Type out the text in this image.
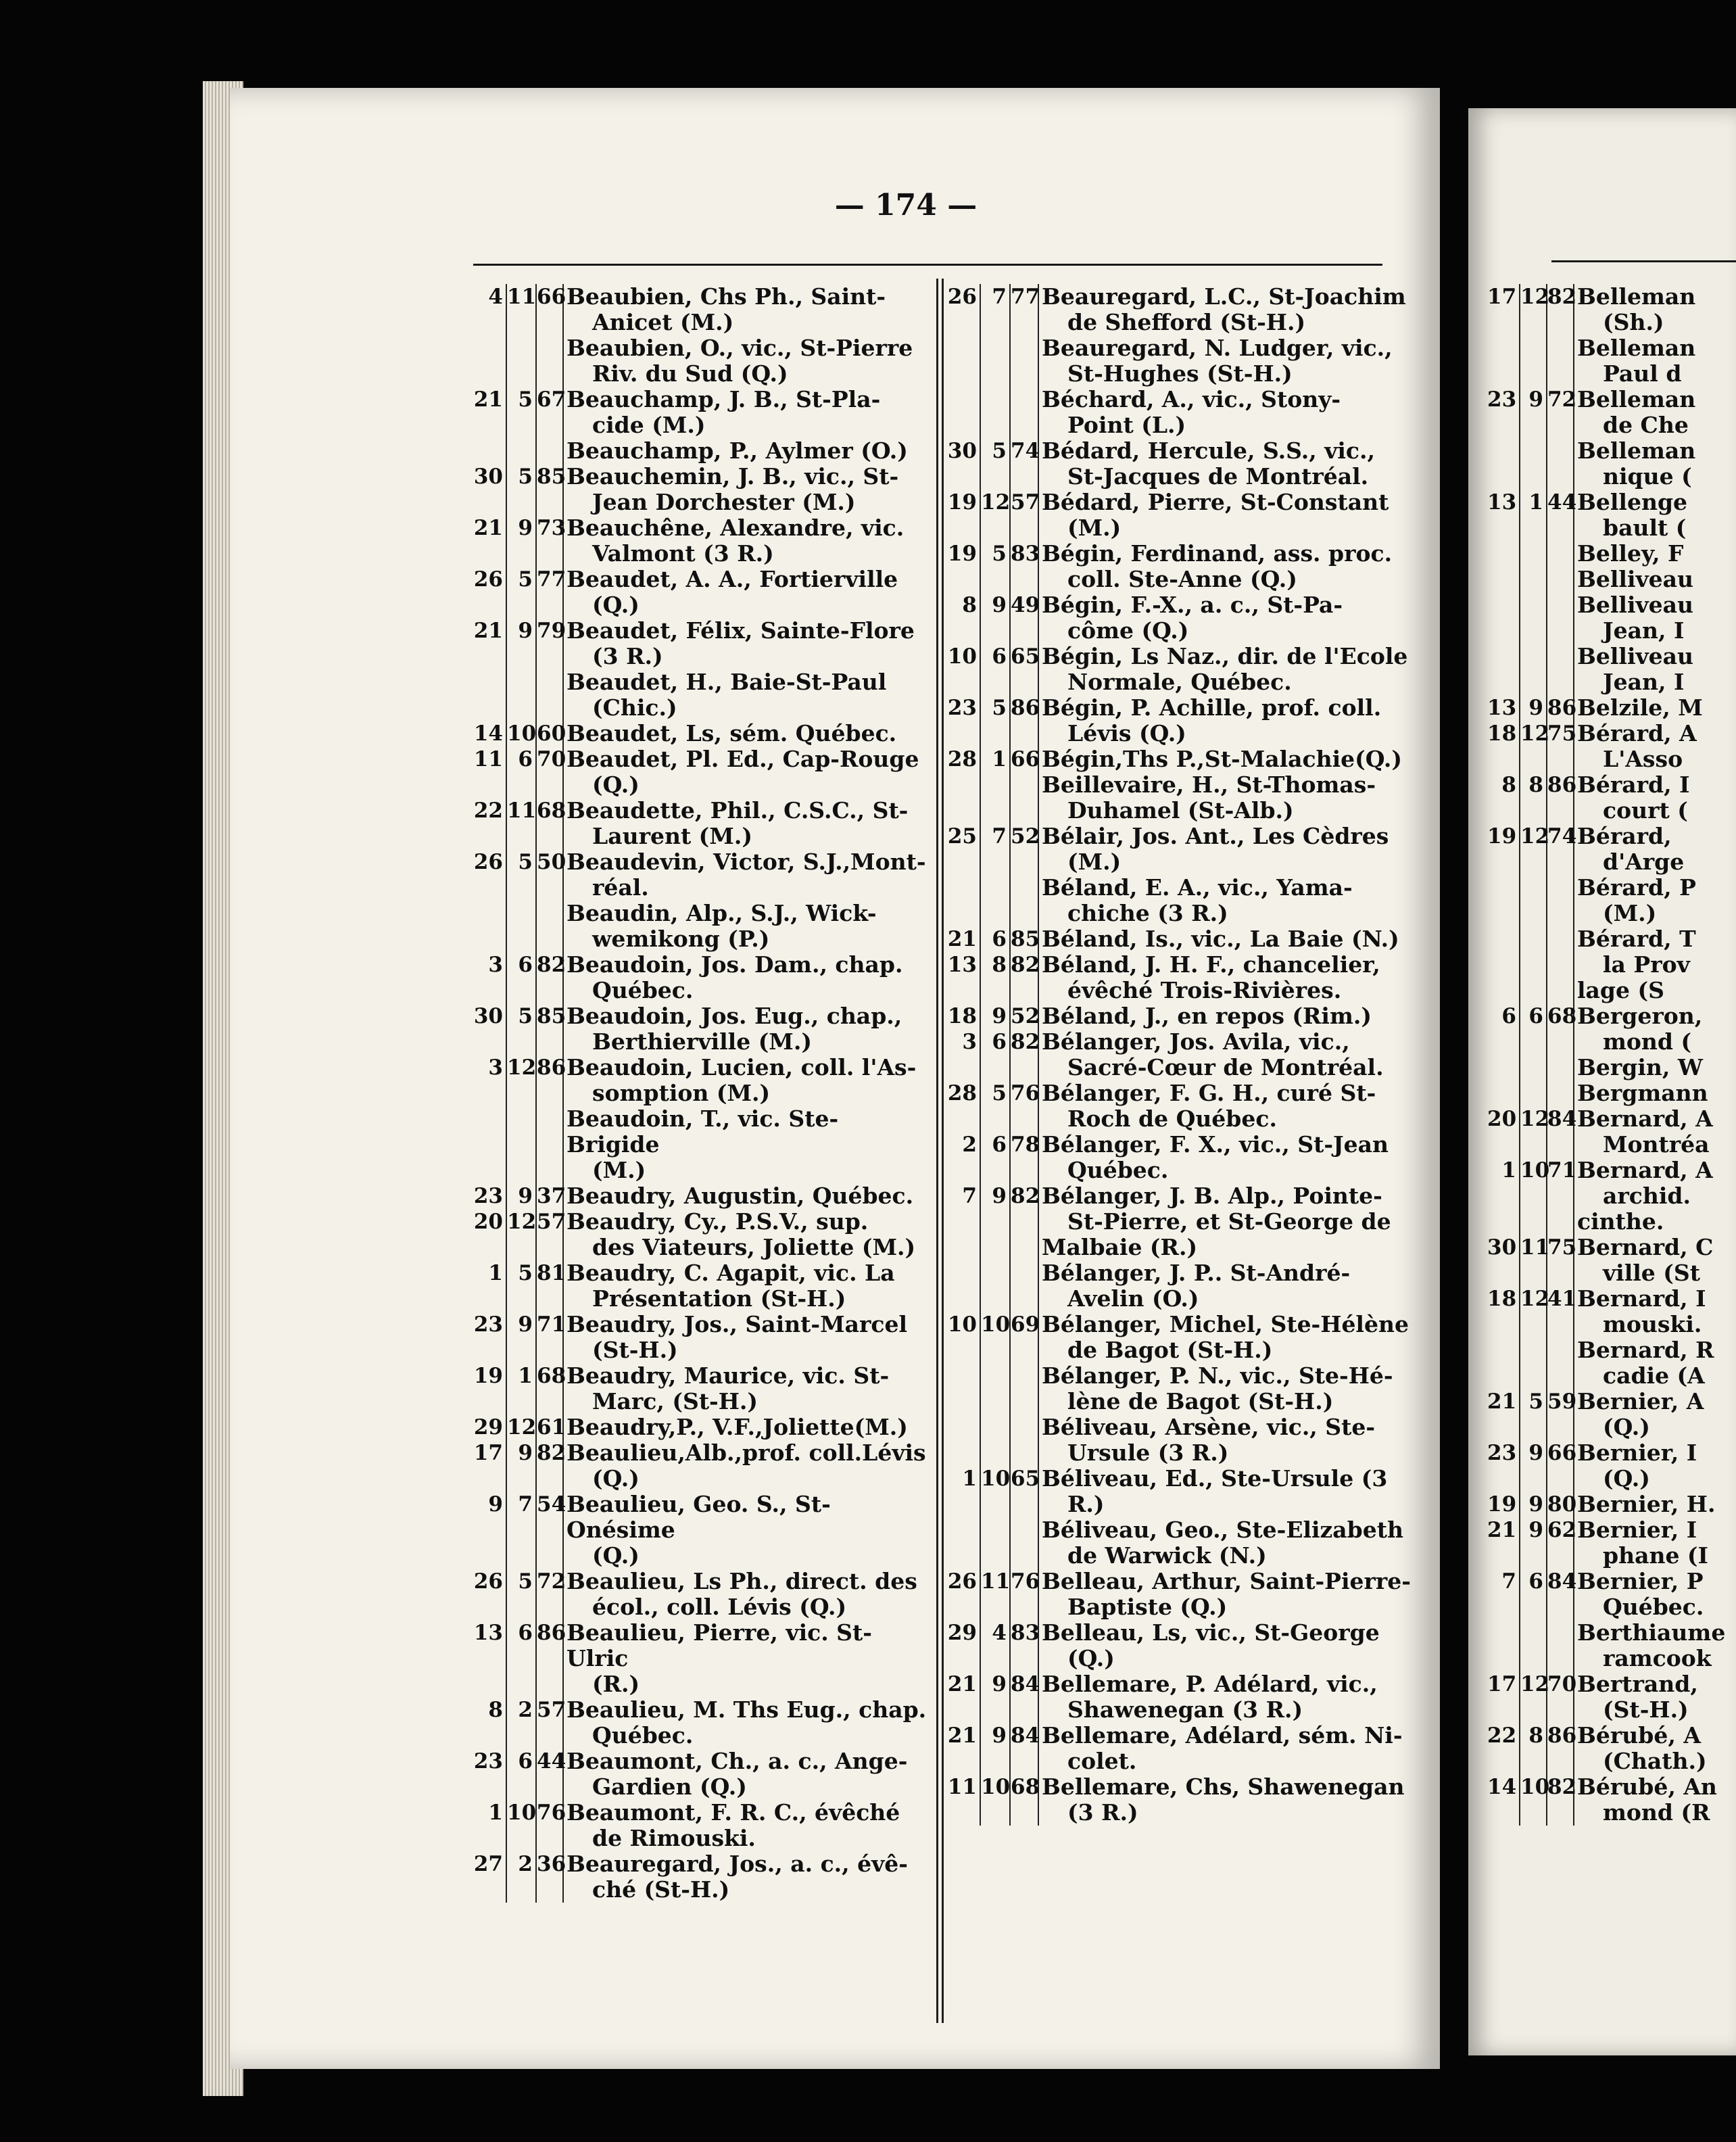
— 174 —
4	11	66	Beaubien, Chs Ph., Saint-
Anicet (M.)

			Beaubien, O., vic., St-Pierre
Riv. du Sud (Q.)

21	5	67	Beauchamp, J. B., St-Pla-
cide (M.)

			Beauchamp, P., Aylmer (O.)
30	5	85	Beauchemin, J. B., vic., St-
Jean Dorchester (M.)

21	9	73	Beauchêne, Alexandre, vic.
Valmont (3 R.)

26	5	77	Beaudet, A. A., Fortierville
(Q.)

21	9	79	Beaudet, Félix, Sainte-Flore
(3 R.)

			Beaudet, H., Baie-St-Paul
(Chic.)

14	10	60	Beaudet, Ls, sém. Québec.
11	6	70	Beaudet, Pl. Ed., Cap-Rouge
(Q.)

22	11	68	Beaudette, Phil., C.S.C., St-
Laurent (M.)

26	5	50	Beaudevin, Victor, S.J.,Mont-
réal.

			Beaudin, Alp., S.J., Wick-
wemikong (P.)

3	6	82	Beaudoin, Jos. Dam., chap.
Québec.

30	5	85	Beaudoin, Jos. Eug., chap.,
Berthierville (M.)

3	12	86	Beaudoin, Lucien, coll. l'As-
somption (M.)

			Beaudoin, T., vic. Ste-Brigide
(M.)

23	9	37	Beaudry, Augustin, Québec.
20	12	57	Beaudry, Cy., P.S.V., sup.
des Viateurs, Joliette (M.)

1	5	81	Beaudry, C. Agapit, vic. La
Présentation (St-H.)

23	9	71	Beaudry, Jos., Saint-Marcel
(St-H.)

19	1	68	Beaudry, Maurice, vic. St-
Marc, (St-H.)

29	12	61	Beaudry,P., V.F.,Joliette(M.)
17	9	82	Beaulieu,Alb.,prof. coll.Lévis
(Q.)

9	7	54	Beaulieu, Geo. S., St-Onésime
(Q.)

26	5	72	Beaulieu, Ls Ph., direct. des
écol., coll. Lévis (Q.)

13	6	86	Beaulieu, Pierre, vic. St-Ulric
(R.)

8	2	57	Beaulieu, M. Ths Eug., chap.
Québec.

23	6	44	Beaumont, Ch., a. c., Ange-
Gardien (Q.)

1	10	76	Beaumont, F. R. C., évêché
de Rimouski.

27	2	36	Beauregard, Jos., a. c., évê-
ché (St-H.)
26	7	77	Beauregard, L.C., St-Joachim
de Shefford (St-H.)

			Beauregard, N. Ludger, vic.,
St-Hughes (St-H.)

			Béchard, A., vic., Stony-
Point (L.)

30	5	74	Bédard, Hercule, S.S., vic.,
St-Jacques de Montréal.

19	12	57	Bédard, Pierre, St-Constant
(M.)

19	5	83	Bégin, Ferdinand, ass. proc.
coll. Ste-Anne (Q.)

8	9	49	Bégin, F.-X., a. c., St-Pa-
côme (Q.)

10	6	65	Bégin, Ls Naz., dir. de l'Ecole
Normale, Québec.

23	5	86	Bégin, P. Achille, prof. coll.
Lévis (Q.)

28	1	66	Bégin,Ths P.,St-Malachie(Q.)
			Beillevaire, H., St-Thomas-
Duhamel (St-Alb.)

25	7	52	Bélair, Jos. Ant., Les Cèdres
(M.)

			Béland, E. A., vic., Yama-
chiche (3 R.)

21	6	85	Béland, Is., vic., La Baie (N.)
13	8	82	Béland, J. H. F., chancelier,
évêché Trois-Rivières.

18	9	52	Béland, J., en repos (Rim.)
3	6	82	Bélanger, Jos. Avila, vic.,
Sacré-Cœur de Montréal.

28	5	76	Bélanger, F. G. H., curé St-
Roch de Québec.

2	6	78	Bélanger, F. X., vic., St-Jean
Québec.

7	9	82	Bélanger, J. B. Alp., Pointe-
St-Pierre, et St-George de

			Malbaie (R.)
			Bélanger, J. P.. St-André-
Avelin (O.)

10	10	69	Bélanger, Michel, Ste-Hélène
de Bagot (St-H.)

			Bélanger, P. N., vic., Ste-Hé-
lène de Bagot (St-H.)

			Béliveau, Arsène, vic., Ste-
Ursule (3 R.)

1	10	65	Béliveau, Ed., Ste-Ursule (3
R.)

			Béliveau, Geo., Ste-Elizabeth
de Warwick (N.)

26	11	76	Belleau, Arthur, Saint-Pierre-
Baptiste (Q.)

29	4	83	Belleau, Ls, vic., St-George
(Q.)

21	9	84	Bellemare, P. Adélard, vic.,
Shawenegan (3 R.)

21	9	84	Bellemare, Adélard, sém. Ni-
colet.

11	10	68	Bellemare, Chs, Shawenegan
(3 R.)
17	12	82	Belleman
(Sh.)

			Belleman
Paul d

23	9	72	Belleman
de Che

			Belleman
nique (

13	1	44	Bellenge
bault (

			Belley, F
			Belliveau
			Belliveau
Jean, I

			Belliveau
Jean, I

13	9	86	Belzile, M
18	12	75	Bérard, A
L'Asso

8	8	86	Bérard, I
court (

19	12	74	Bérard,
d'Arge

			Bérard, P
(M.)

			Bérard, T
la Prov

			lage (S
6	6	68	Bergeron,
mond (

			Bergin, W
			Bergmann
20	12	84	Bernard, A
Montréa

1	10	71	Bernard, A
archid.

			cinthe.
30	11	75	Bernard, C
ville (St

18	12	41	Bernard, I
mouski.

			Bernard, R
cadie (A

21	5	59	Bernier, A
(Q.)

23	9	66	Bernier, I
(Q.)

19	9	80	Bernier, H.
21	9	62	Bernier, I
phane (I

7	6	84	Bernier, P
Québec.

			Berthiaume
ramcook

17	12	70	Bertrand,
(St-H.)

22	8	86	Bérubé, A
(Chath.)

14	10	82	Bérubé, An
mond (R
